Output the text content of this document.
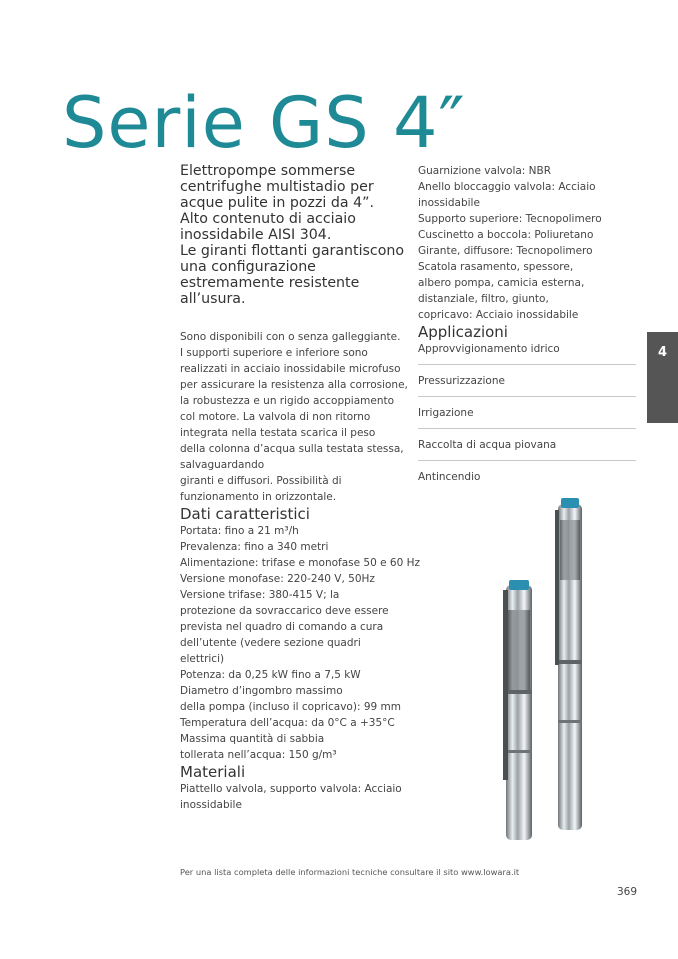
Serie GS 4″
Elettropompe sommerse
centrifughe multistadio per
acque pulite in pozzi da 4”.
Alto contenuto di acciaio
inossidabile AISI 304.
Le giranti flottanti garantiscono
una configurazione
estremamente resistente
all’usura.
Sono disponibili con o senza galleggiante.
I supporti superiore e inferiore sono
realizzati in acciaio inossidabile microfuso
per assicurare la resistenza alla corrosione,
la robustezza e un rigido accoppiamento
col motore. La valvola di non ritorno
integrata nella testata scarica il peso
della colonna d’acqua sulla testata stessa,
salvaguardando
giranti e diffusori. Possibilità di
funzionamento in orizzontale.
Dati caratteristici
Portata: fino a 21 m³/h
Prevalenza: fino a 340 metri
Alimentazione: trifase e monofase 50 e 60 Hz
Versione monofase: 220-240 V, 50Hz
Versione trifase: 380-415 V; la
protezione da sovraccarico deve essere
prevista nel quadro di comando a cura
dell’utente (vedere sezione quadri
elettrici)
Potenza: da 0,25 kW fino a 7,5 kW
Diametro d’ingombro massimo
della pompa (incluso il copricavo): 99 mm
Temperatura dell’acqua: da 0°C a +35°C
Massima quantità di sabbia
tollerata nell’acqua: 150 g/m³
Materiali
Piattello valvola, supporto valvola: Acciaio
inossidabile
Guarnizione valvola: NBR
Anello bloccaggio valvola: Acciaio
inossidabile
Supporto superiore: Tecnopolimero
Cuscinetto a boccola: Poliuretano
Girante, diffusore: Tecnopolimero
Scatola rasamento, spessore,
albero pompa, camicia esterna,
distanziale, filtro, giunto,
copricavo: Acciaio inossidabile
Applicazioni
Approvvigionamento idrico
Pressurizzazione
Irrigazione
Raccolta di acqua piovana
Antincendio
4
Per una lista completa delle informazioni tecniche consultare il sito www.lowara.it
369
